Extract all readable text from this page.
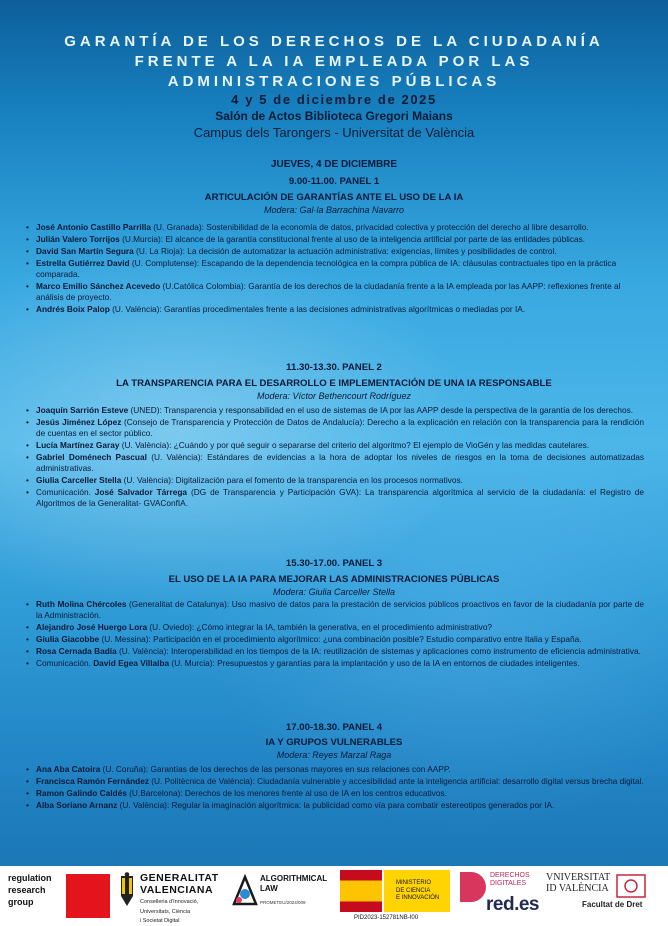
GARANTÍA DE LOS DERECHOS DE LA CIUDADANÍA
FRENTE A LA IA EMPLEADA POR LAS
ADMINISTRACIONES PÚBLICAS
4 y 5 de diciembre de 2025
Salón de Actos Biblioteca Gregori Maians
Campus dels Tarongers - Universitat de València
JUEVES, 4 DE DICIEMBRE
9.00-11.00. PANEL 1
ARTICULACIÓN DE GARANTÍAS ANTE EL USO DE LA IA
Modera: Gal·la Barrachina Navarro
• José Antonio Castillo Parrilla (U. Granada): Sostenibilidad de la economía de datos, privacidad colectiva y protección del derecho al libre desarrollo.
• Julián Valero Torrijos (U.Murcia): El alcance de la garantía constitucional frente al uso de la inteligencia artificial por parte de las entidades públicas.
• David San Martín Segura (U. La Rioja): La decisión de automatizar la actuación administrativa: exigencias, límites y posibilidades de control.
• Estrella Gutiérrez David (U. Complutense): Escapando de la dependencia tecnológica en la compra pública de IA: cláusulas contractuales tipo en la práctica comparada.
• Marco Emilio Sánchez Acevedo (U.Católica Colombia): Garantía de los derechos de la ciudadanía frente a la IA empleada por las AAPP: reflexiones frente al análisis de proyecto.
• Andrés Boix Palop (U. València): Garantías procedimentales frente a las decisiones administrativas algorítmicas o mediadas por IA.
11.30-13.30. PANEL 2
LA TRANSPARENCIA PARA EL DESARROLLO E IMPLEMENTACIÓN DE UNA IA RESPONSABLE
Modera: Víctor Bethencourt Rodríguez
• Joaquín Sarrión Esteve (UNED): Transparencia y responsabilidad en el uso de sistemas de IA por las AAPP desde la perspectiva de la garantía de los derechos.
• Jesús Jiménez López (Consejo de Transparencia y Protección de Datos de Andalucía): Derecho a la explicación en relación con la transparencia para la rendición de cuentas en el sector público.
• Lucía Martínez Garay (U. València): ¿Cuándo y por qué seguir o separarse del criterio del algoritmo? El ejemplo de VioGén y las medidas cautelares.
• Gabriel Doménech Pascual (U. València): Estándares de evidencias a la hora de adoptar los niveles de riesgos en la toma de decisiones automatizadas administrativas.
• Giulia Carceller Stella (U. València): Digitalización para el fomento de la transparencia en los procesos normativos.
• Comunicación. José Salvador Tárrega (DG de Transparencia y Participación GVA): La transparencia algorítmica al servicio de la ciudadanía: el Registro de Algoritmos de la Generalitat- GVAConfIA.
15.30-17.00. PANEL 3
EL USO DE LA IA PARA MEJORAR LAS ADMINISTRACIONES PÚBLICAS
Modera: Giulia Carceller Stella
• Ruth Molina Chércoles (Generalitat de Catalunya): Uso masivo de datos para la prestación de servicios públicos proactivos en favor de la ciudadanía por parte de la Administración.
• Alejandro José Huergo Lora (U. Oviedo): ¿Cómo integrar la IA, también la generativa, en el procedimiento administrativo?
• Giulia Giacobbe (U. Messina): Participación en el procedimiento algorítmico: ¿una combinación posible? Estudio comparativo entre Italia y España.
• Rosa Cernada Badía (U. València): Interoperabilidad en los tiempos de la IA: reutilización de sistemas y aplicaciones como instrumento de eficiencia administrativa.
• Comunicación. David Egea Villalba (U. Murcia): Presupuestos y garantías para la implantación y uso de la IA en entornos de ciudades inteligentes.
17.00-18.30. PANEL 4
IA Y GRUPOS VULNERABLES
Modera: Reyes Marzal Raga
• Ana Aba Catoira (U. Coruña): Garantías de los derechos de las personas mayores en sus relaciones con AAPP.
• Francisca Ramón Fernández (U. Politècnica de València): Ciudadanía vulnerable y accesibilidad ante la inteligencia artificial: desarrollo digital versus brecha digital.
• Ramon Galindo Caldés (U.Barcelona): Derechos de los menores frente al uso de IA en los centros educativos.
• Alba Soriano Arnanz (U. València): Regular la imaginación algorítmica: la publicidad como vía para combatir estereotipos generados por IA.
regulation
research
group
GENERALITAT
VALENCIANA
Conselleria d'Innovació,
Universitats, Ciència
i Societat Digital
ALGORITHMICAL
LAW
PROMETEU/2024/009
MINISTERIO
DE CIENCIA
E INNOVACIÓN
PID2023-152781NB-I00
DERECHOS
DIGITALES
red.es
VNIVERSITAT
ID VALÈNCIA
Facultat de Dret
